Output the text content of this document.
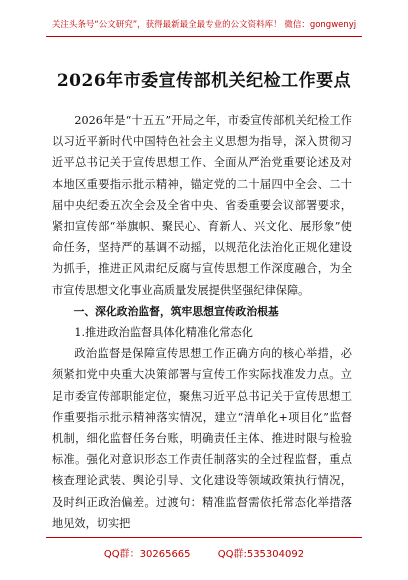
关注头条号“公文研究”，获得最新最全最专业的公文资料库！ 微信：gongwenyj
2026年市委宣传部机关纪检工作要点

2026年是“十五五”开局之年，市委宣传部机关纪检工作以习近平新时代中国特色社会主义思想为指导，深入贯彻习近平总书记关于宣传思想工作、全面从严治党重要论述及对本地区重要指示批示精神，锚定党的二十届四中全会、二十届中央纪委五次全会及全省中央、省委重要会议部署要求，紧扣宣传部“举旗帜、聚民心、育新人、兴文化、展形象”使命任务，坚持严的基调不动摇，以规范化法治化正规化建设为抓手，推进正风肃纪反腐与宣传思想工作深度融合，为全市宣传思想文化事业高质量发展提供坚强纪律保障。

一、深化政治监督，筑牢思想宣传政治根基

1.推进政治监督具体化精准化常态化

政治监督是保障宣传思想工作正确方向的核心举措，必须紧扣党中央重大决策部署与宣传工作实际找准发力点。立足市委宣传部职能定位，聚焦习近平总书记关于宣传思想工作重要指示批示精神落实情况，建立“清单化+项目化”监督机制，细化监督任务台账，明确责任主体、推进时限与检验标准。强化对意识形态工作责任制落实的全过程监督，重点核查理论武装、舆论引导、文化建设等领域政策执行情况，及时纠正政治偏差。过渡句：精准监督需依托常态化举措落地见效，切实把

QQ群：30265665	QQ群:535304092
